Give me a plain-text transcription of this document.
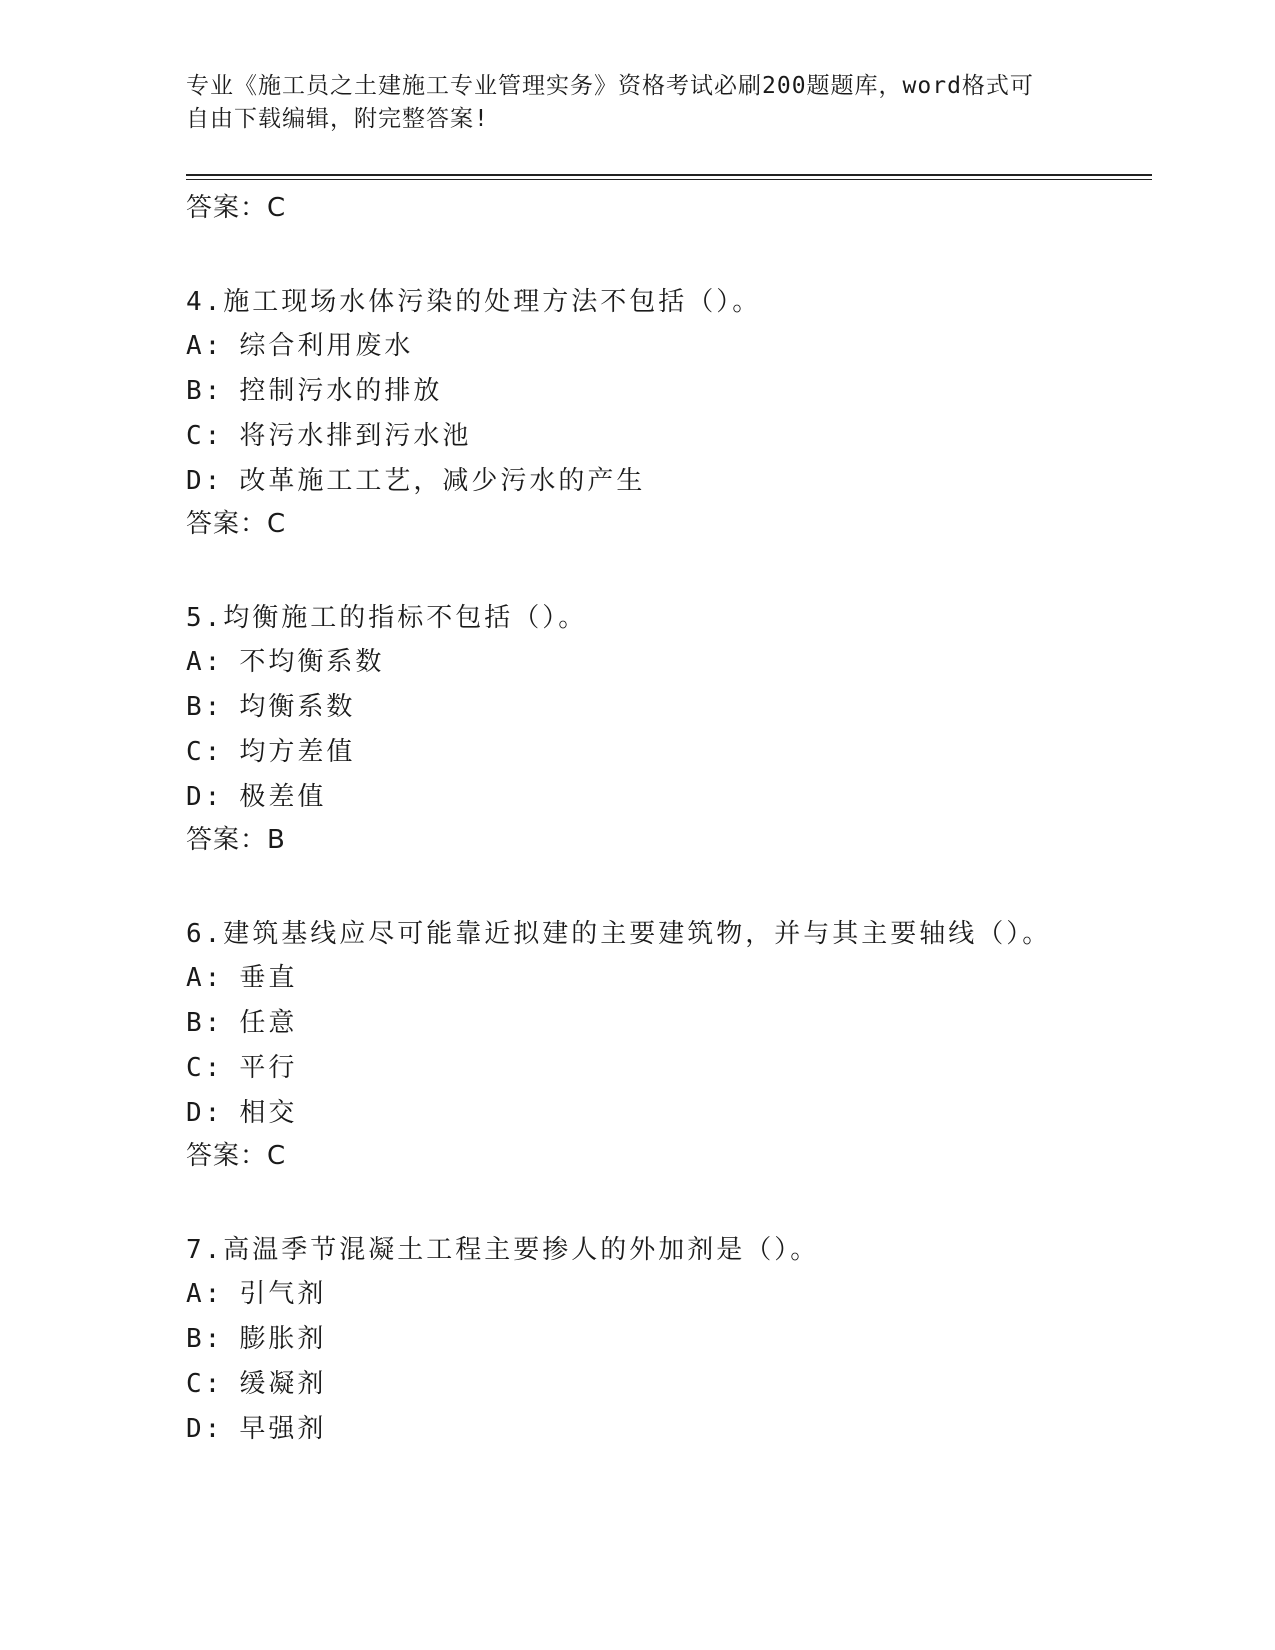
专业《施工员之土建施工专业管理实务》资格考试必刷200题题库，word格式可
自由下载编辑，附完整答案!

答案：C

4.施工现场水体污染的处理方法不包括（）。

A: 综合利用废水

B: 控制污水的排放

C: 将污水排到污水池

D: 改革施工工艺，减少污水的产生

答案：C

5.均衡施工的指标不包括（）。

A: 不均衡系数

B: 均衡系数

C: 均方差值

D: 极差值

答案：B

6.建筑基线应尽可能靠近拟建的主要建筑物，并与其主要轴线（）。

A: 垂直

B: 任意

C: 平行

D: 相交

答案：C

7.高温季节混凝土工程主要掺人的外加剂是（）。

A: 引气剂

B: 膨胀剂

C: 缓凝剂

D: 早强剂
